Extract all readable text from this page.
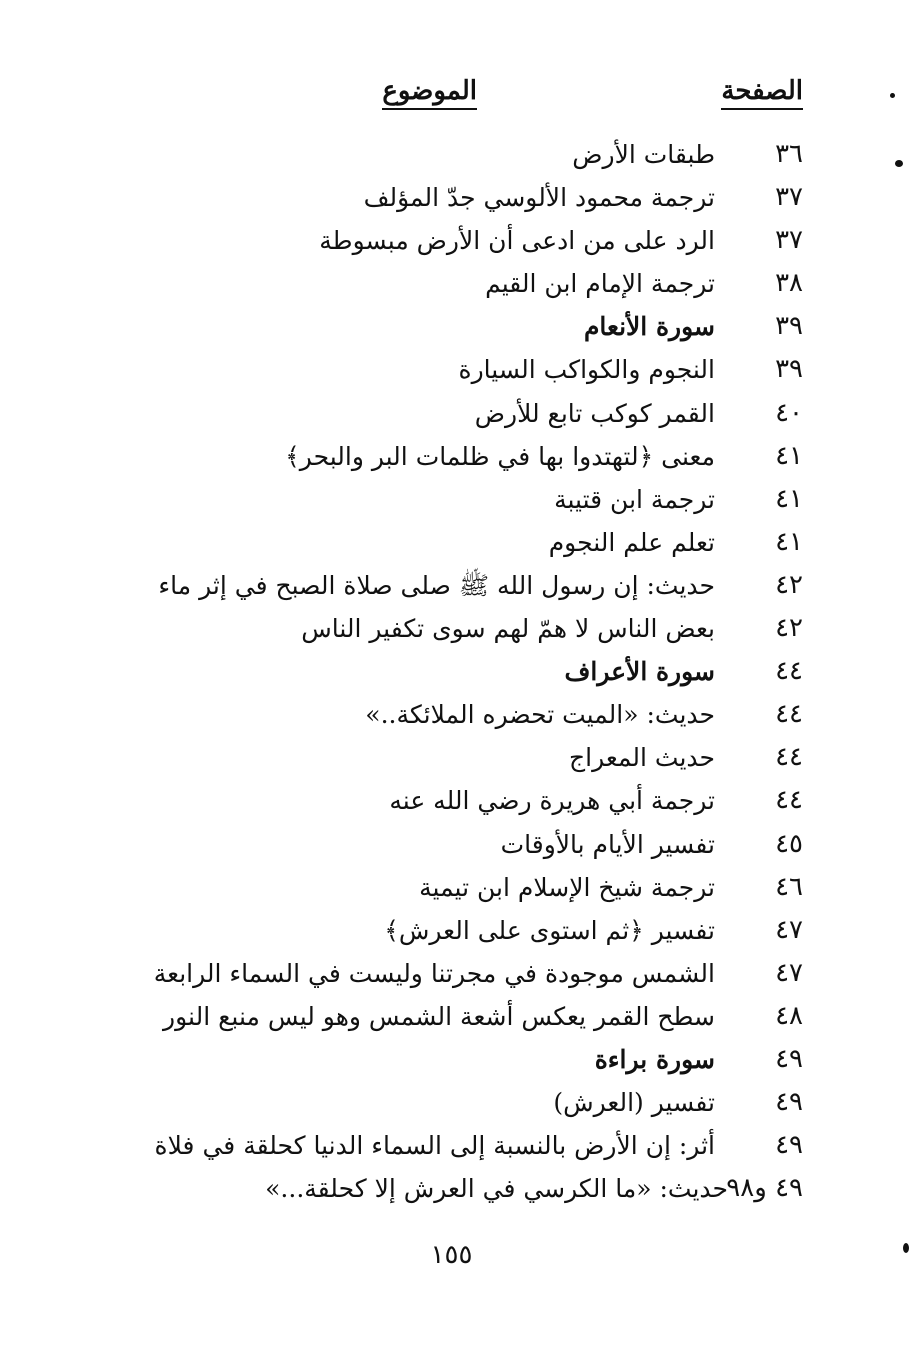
الصفحة
الموضوع
٣٦
طبقات الأرض
٣٧
ترجمة محمود الألوسي جدّ المؤلف
٣٧
الرد على من ادعى أن الأرض مبسوطة
٣٨
ترجمة الإمام ابن القيم
٣٩
سورة الأنعام
٣٩
النجوم والكواكب السيارة
٤٠
القمر كوكب تابع للأرض
٤١
معنى ﴿لتهتدوا بها في ظلمات البر والبحر﴾
٤١
ترجمة ابن قتيبة
٤١
تعلم علم النجوم
٤٢
حديث: إن رسول الله ﷺ صلى صلاة الصبح في إثر ماء
٤٢
بعض الناس لا همّ لهم سوى تكفير الناس
٤٤
سورة الأعراف
٤٤
حديث: «الميت تحضره الملائكة..»
٤٤
حديث المعراج
٤٤
ترجمة أبي هريرة رضي الله عنه
٤٥
تفسير الأيام بالأوقات
٤٦
ترجمة شيخ الإسلام ابن تيمية
٤٧
تفسير ﴿ثم استوى على العرش﴾
٤٧
الشمس موجودة في مجرتنا وليست في السماء الرابعة
٤٨
سطح القمر يعكس أشعة الشمس وهو ليس منبع النور
٤٩
سورة براءة
٤٩
تفسير (العرش)
٤٩
أثر: إن الأرض بالنسبة إلى السماء الدنيا كحلقة في فلاة
٤٩ و٩٨
حديث: «ما الكرسي في العرش إلا كحلقة...»
١٥٥
